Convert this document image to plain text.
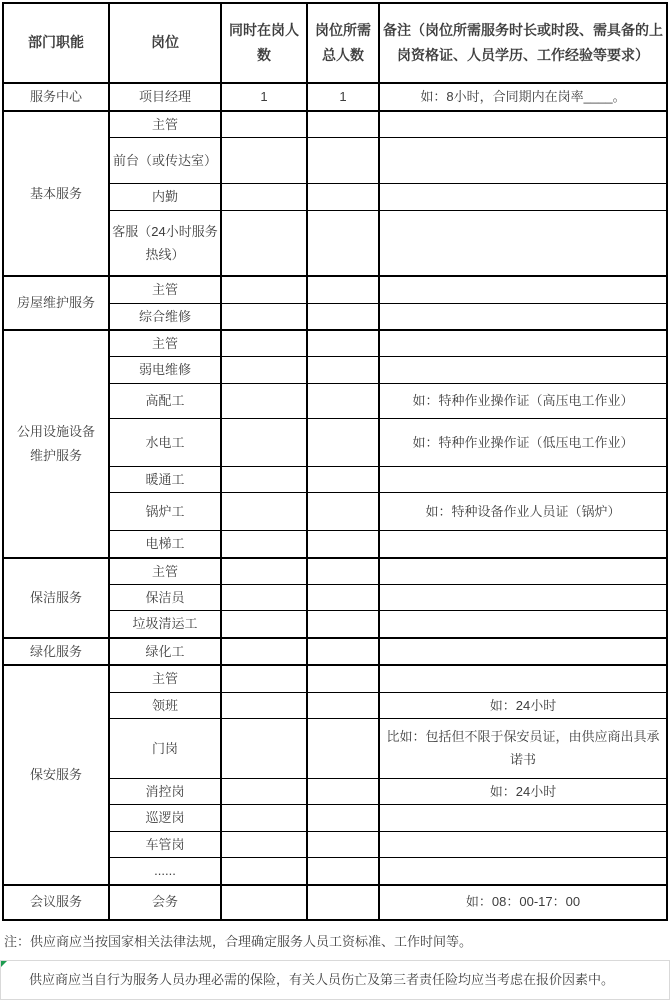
部门职能	岗位	同时在岗人数	岗位所需总人数	备注（岗位所需服务时长或时段、需具备的上岗资格证、人员学历、工作经验等要求）
服务中心	项目经理	1	1	如：8小时，合同期内在岗率____。
基本服务	主管			
	前台（或传达室）			
	内勤			
	客服（24小时服务热线）			
房屋维护服务	主管			
	综合维修			
公用设施设备维护服务	主管			
	弱电维修			
	高配工			如：特种作业操作证（高压电工作业）
	水电工			如：特种作业操作证（低压电工作业）
	暖通工			
	锅炉工			如：特种设备作业人员证（锅炉）
	电梯工			
保洁服务	主管			
	保洁员			
	垃圾清运工			
绿化服务	绿化工			
保安服务	主管			
	领班			如：24小时
	门岗			比如：包括但不限于保安员证，由供应商出具承诺书
	消控岗			如：24小时
	巡逻岗			
	车管岗			
	......			
会议服务	会务			如：08：00-17：00
注：供应商应当按国家相关法律法规，合理确定服务人员工资标准、工作时间等。
供应商应当自行为服务人员办理必需的保险，有关人员伤亡及第三者责任险均应当考虑在报价因素中。
